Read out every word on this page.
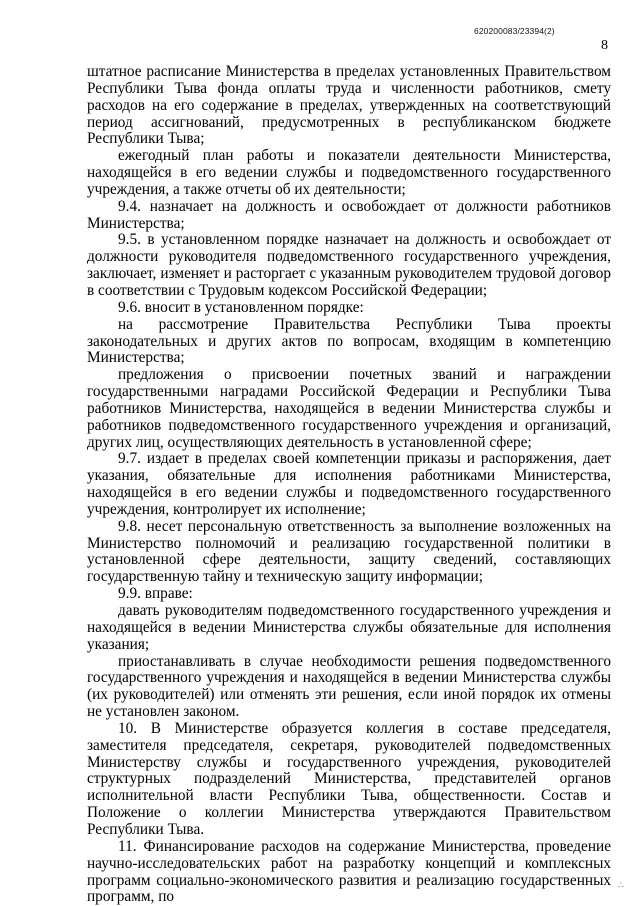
620200083/23394(2)
8

штатное расписание Министерства в пределах установленных Правительством Республики Тыва фонда оплаты труда и численности работников, смету расходов на его содержание в пределах, утвержденных на соответствующий период ассигнований, предусмотренных в республиканском бюджете Республики Тыва;

ежегодный план работы и показатели деятельности Министерства, находящейся в его ведении службы и подведомственного государственного учреждения, а также отчеты об их деятельности;

9.4. назначает на должность и освобождает от должности работников Министерства;

9.5. в установленном порядке назначает на должность и освобождает от должности руководителя подведомственного государственного учреждения, заключает, изменяет и расторгает с указанным руководителем трудовой договор в соответствии с Трудовым кодексом Российской Федерации;

9.6. вносит в установленном порядке:

на рассмотрение Правительства Республики Тыва проекты законодательных и других актов по вопросам, входящим в компетенцию Министерства;

предложения о присвоении почетных званий и награждении государственными наградами Российской Федерации и Республики Тыва работников Министерства, находящейся в ведении Министерства службы и работников подведомственного государственного учреждения и организаций, других лиц, осуществляющих деятельность в установленной сфере;

9.7. издает в пределах своей компетенции приказы и распоряжения, дает указания, обязательные для исполнения работниками Министерства, находящейся в его ведении службы и подведомственного государственного учреждения, контролирует их исполнение;

9.8. несет персональную ответственность за выполнение возложенных на Министерство полномочий и реализацию государственной политики в установленной сфере деятельности, защиту сведений, составляющих государственную тайну и техническую защиту информации;

9.9. вправе:

давать руководителям подведомственного государственного учреждения и находящейся в ведении Министерства службы обязательные для исполнения указания;

приостанавливать в случае необходимости решения подведомственного государственного учреждения и находящейся в ведении Министерства службы (их руководителей) или отменять эти решения, если иной порядок их отмены не установлен законом.

10. В Министерстве образуется коллегия в составе председателя, заместителя председателя, секретаря, руководителей подведомственных Министерству службы и государственного учреждения, руководителей структурных подразделений Министерства, представителей органов исполнительной власти Республики Тыва, общественности. Состав и Положение о коллегии Министерства утверждаются Правительством Республики Тыва.

11. Финансирование расходов на содержание Министерства, проведение научно-исследовательских работ на разработку концепций и комплексных программ социально-экономического развития и реализацию государственных программ, по

∴
